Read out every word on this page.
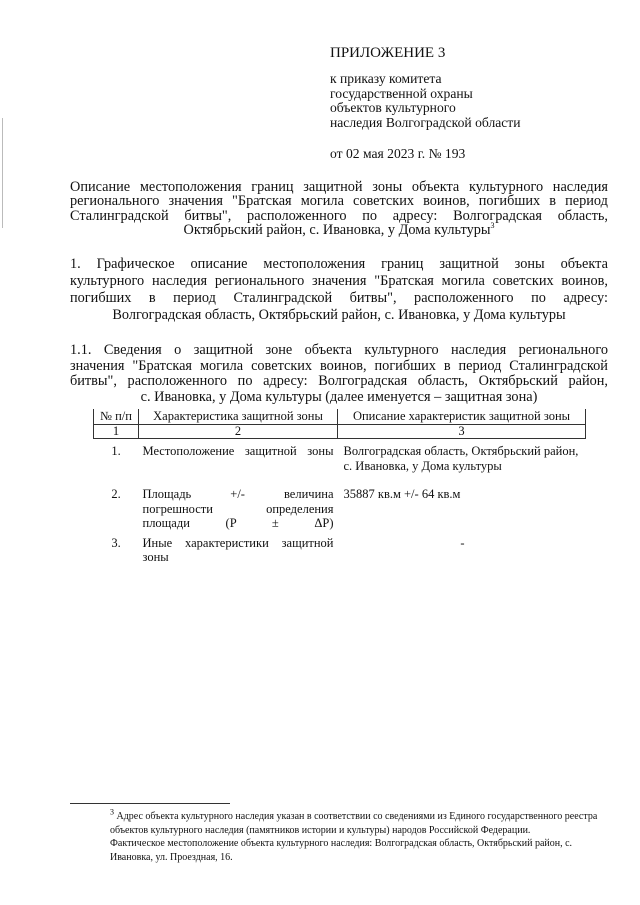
ПРИЛОЖЕНИЕ 3
к приказу комитета
государственной охраны
объектов культурного
наследия Волгоградской области
от 02 мая 2023 г. № 193
Описание местоположения границ защитной зоны объекта культурного наследия
регионального значения "Братская могила советских воинов, погибших в период
Сталинградской битвы", расположенного по адресу: Волгоградская область,
Октябрьский район, с. Ивановка, у Дома культуры$^3$
1. Графическое описание местоположения границ защитной зоны объекта
культурного наследия регионального значения "Братская могила советских воинов,
погибших в период Сталинградской битвы", расположенного по адресу:
Волгоградская область, Октябрьский район, с. Ивановка, у Дома культуры
1.1. Сведения о защитной зоне объекта культурного наследия регионального
значения "Братская могила советских воинов, погибших в период Сталинградской
битвы", расположенного по адресу: Волгоградская область, Октябрьский район,
с. Ивановка, у Дома культуры (далее именуется – защитная зона)
№ п/п	Характеристика защитной зоны	Описание характеристик защитной зоны
1	2	3
1.	Местоположение защитной зоны	Волгоградская область, Октябрьский район, с. Ивановка, у Дома культуры
2.	Площадь +/- величина погрешности определения площади (P ± ΔP)	35887 кв.м +/- 64 кв.м
3.	Иные характеристики защитной зоны	-
$^3$ Адрес объекта культурного наследия указан в соответствии со сведениями из Единого государственного реестра объектов культурного наследия (памятников истории и культуры) народов Российской Федерации.
Фактическое местоположение объекта культурного наследия: Волгоградская область, Октябрьский район, с. Ивановка, ул. Проездная, 16.
